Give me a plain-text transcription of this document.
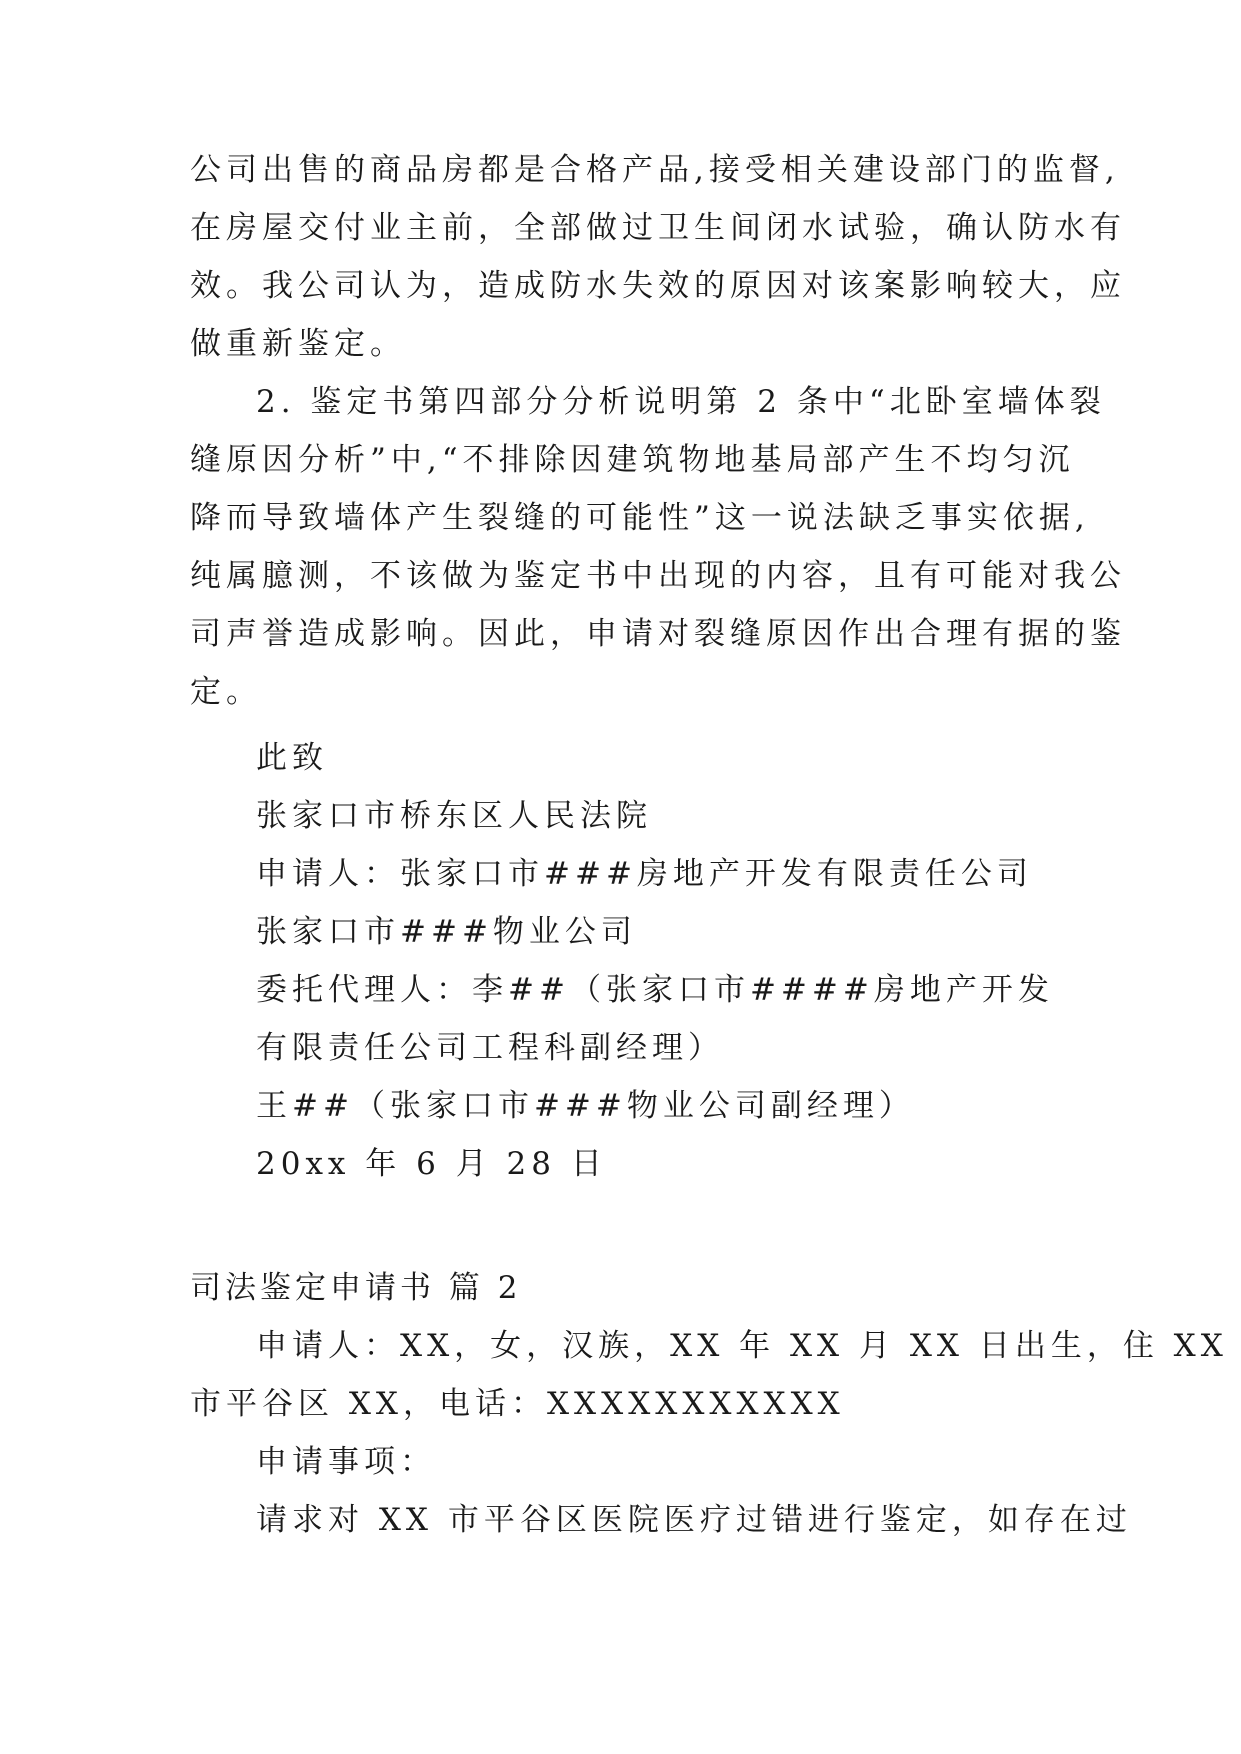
公司出售的商品房都是合格产品,接受相关建设部门的监督,
在房屋交付业主前，全部做过卫生间闭水试验，确认防水有
效。我公司认为，造成防水失效的原因对该案影响较大，应
做重新鉴定。
2. 鉴定书第四部分分析说明第 2 条中“北卧室墙体裂
缝原因分析”中,“不排除因建筑物地基局部产生不均匀沉
降而导致墙体产生裂缝的可能性”这一说法缺乏事实依据,
纯属臆测，不该做为鉴定书中出现的内容，且有可能对我公
司声誉造成影响。因此，申请对裂缝原因作出合理有据的鉴
定。
此致
张家口市桥东区人民法院
申请人：张家口市###房地产开发有限责任公司
张家口市###物业公司
委托代理人：李##（张家口市####房地产开发
有限责任公司工程科副经理）
王##（张家口市###物业公司副经理）
20xx 年 6 月 28 日
司法鉴定申请书 篇 2
申请人：XX，女，汉族，XX 年 XX 月 XX 日出生，住 XX
市平谷区 XX，电话：XXXXXXXXXXX
申请事项：
请求对 XX 市平谷区医院医疗过错进行鉴定，如存在过
